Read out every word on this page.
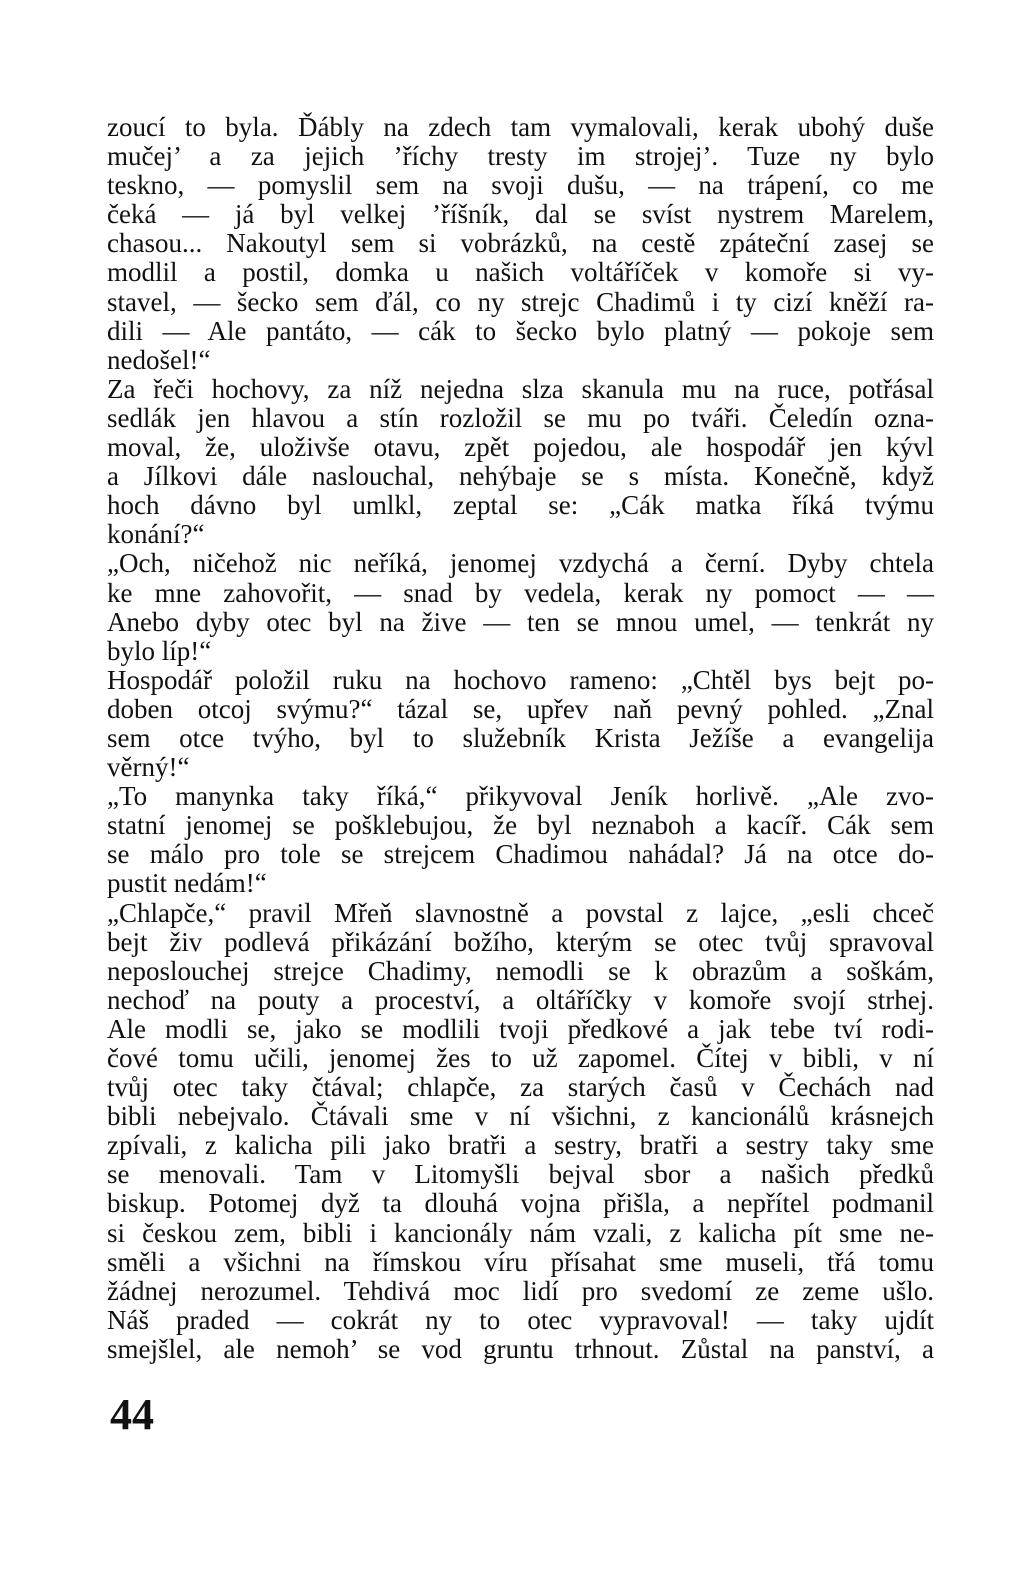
zoucí to byla. Ďábly na zdech tam vymalovali, kerak ubohý duše
mučej’ a za jejich ’říchy tresty im strojej’. Tuze ny bylo
teskno, — pomyslil sem na svoji dušu, — na trápení, co me
čeká — já byl velkej ’říšník, dal se svíst nystrem Marelem,
chasou... Nakoutyl sem si vobrázků, na cestě zpáteční zasej se
modlil a postil, domka u našich voltáříček v komoře si vy-
stavel, — šecko sem ďál, co ny strejc Chadimů i ty cizí kněží ra-
dili — Ale pantáto, — cák to šecko bylo platný — pokoje sem
nedošel!“
Za řeči hochovy, za níž nejedna slza skanula mu na ruce, potřásal
sedlák jen hlavou a stín rozložil se mu po tváři. Čeledín ozna-
moval, že, uloživše otavu, zpět pojedou, ale hospodář jen kývl
a Jílkovi dále naslouchal, nehýbaje se s místa. Konečně, když
hoch dávno byl umlkl, zeptal se: „Cák matka říká tvýmu
konání?“
„Och, ničehož nic neříká, jenomej vzdychá a černí. Dyby chtela
ke mne zahovořit, — snad by vedela, kerak ny pomoct — —
Anebo dyby otec byl na žive — ten se mnou umel, — tenkrát ny
bylo líp!“
Hospodář položil ruku na hochovo rameno: „Chtěl bys bejt po-
doben otcoj svýmu?“ tázal se, upřev naň pevný pohled. „Znal
sem otce tvýho, byl to služebník Krista Ježíše a evangelija
věrný!“
„To manynka taky říká,“ přikyvoval Jeník horlivě. „Ale zvo-
statní jenomej se pošklebujou, že byl neznaboh a kacíř. Cák sem
se málo pro tole se strejcem Chadimou nahádal? Já na otce do-
pustit nedám!“
„Chlapče,“ pravil Mřeň slavnostně a povstal z lajce, „esli chceč
bejt živ podlevá přikázání božího, kterým se otec tvůj spravoval
neposlouchej strejce Chadimy, nemodli se k obrazům a soškám,
nechoď na pouty a proceství, a oltáříčky v komoře svojí strhej.
Ale modli se, jako se modlili tvoji předkové a jak tebe tví rodi-
čové tomu učili, jenomej žes to už zapomel. Čítej v bibli, v ní
tvůj otec taky čtával; chlapče, za starých časů v Čechách nad
bibli nebejvalo. Čtávali sme v ní všichni, z kancionálů krásnejch
zpívali, z kalicha pili jako bratři a sestry, bratři a sestry taky sme
se menovali. Tam v Litomyšli bejval sbor a našich předků
biskup. Potomej dyž ta dlouhá vojna přišla, a nepřítel podmanil
si českou zem, bibli i kancionály nám vzali, z kalicha pít sme ne-
směli a všichni na římskou víru přísahat sme museli, třá tomu
žádnej nerozumel. Tehdivá moc lidí pro svedomí ze zeme ušlo.
Náš praded — cokrát ny to otec vypravoval! — taky ujdít
smejšlel, ale nemoh’ se vod gruntu trhnout. Zůstal na panství, a
44
